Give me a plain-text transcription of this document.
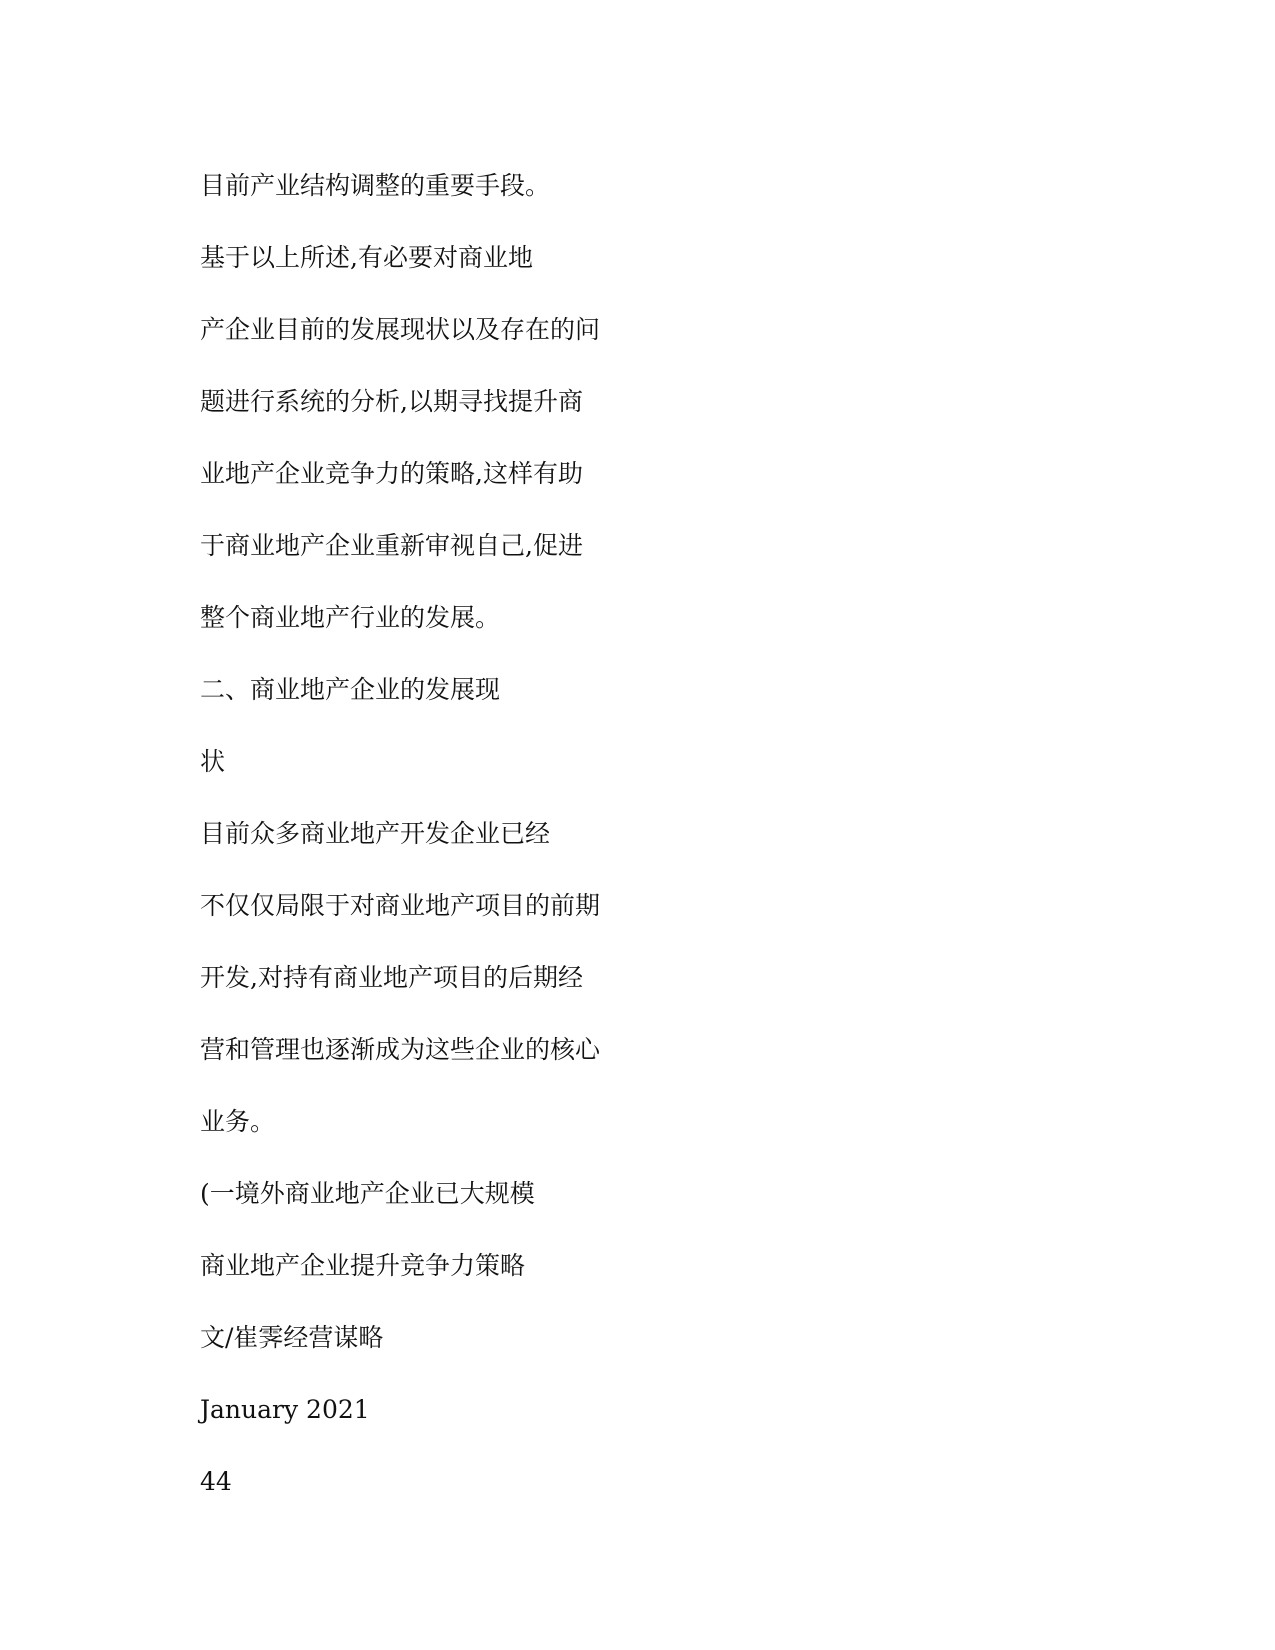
目前产业结构调整的重要手段。
基于以上所述,有必要对商业地
产企业目前的发展现状以及存在的问
题进行系统的分析,以期寻找提升商
业地产企业竞争力的策略,这样有助
于商业地产企业重新审视自己,促进
整个商业地产行业的发展。
二、商业地产企业的发展现
状
目前众多商业地产开发企业已经
不仅仅局限于对商业地产项目的前期
开发,对持有商业地产项目的后期经
营和管理也逐渐成为这些企业的核心
业务。
(一境外商业地产企业已大规模
商业地产企业提升竞争力策略
文/崔霁经营谋略
January 2021
44
